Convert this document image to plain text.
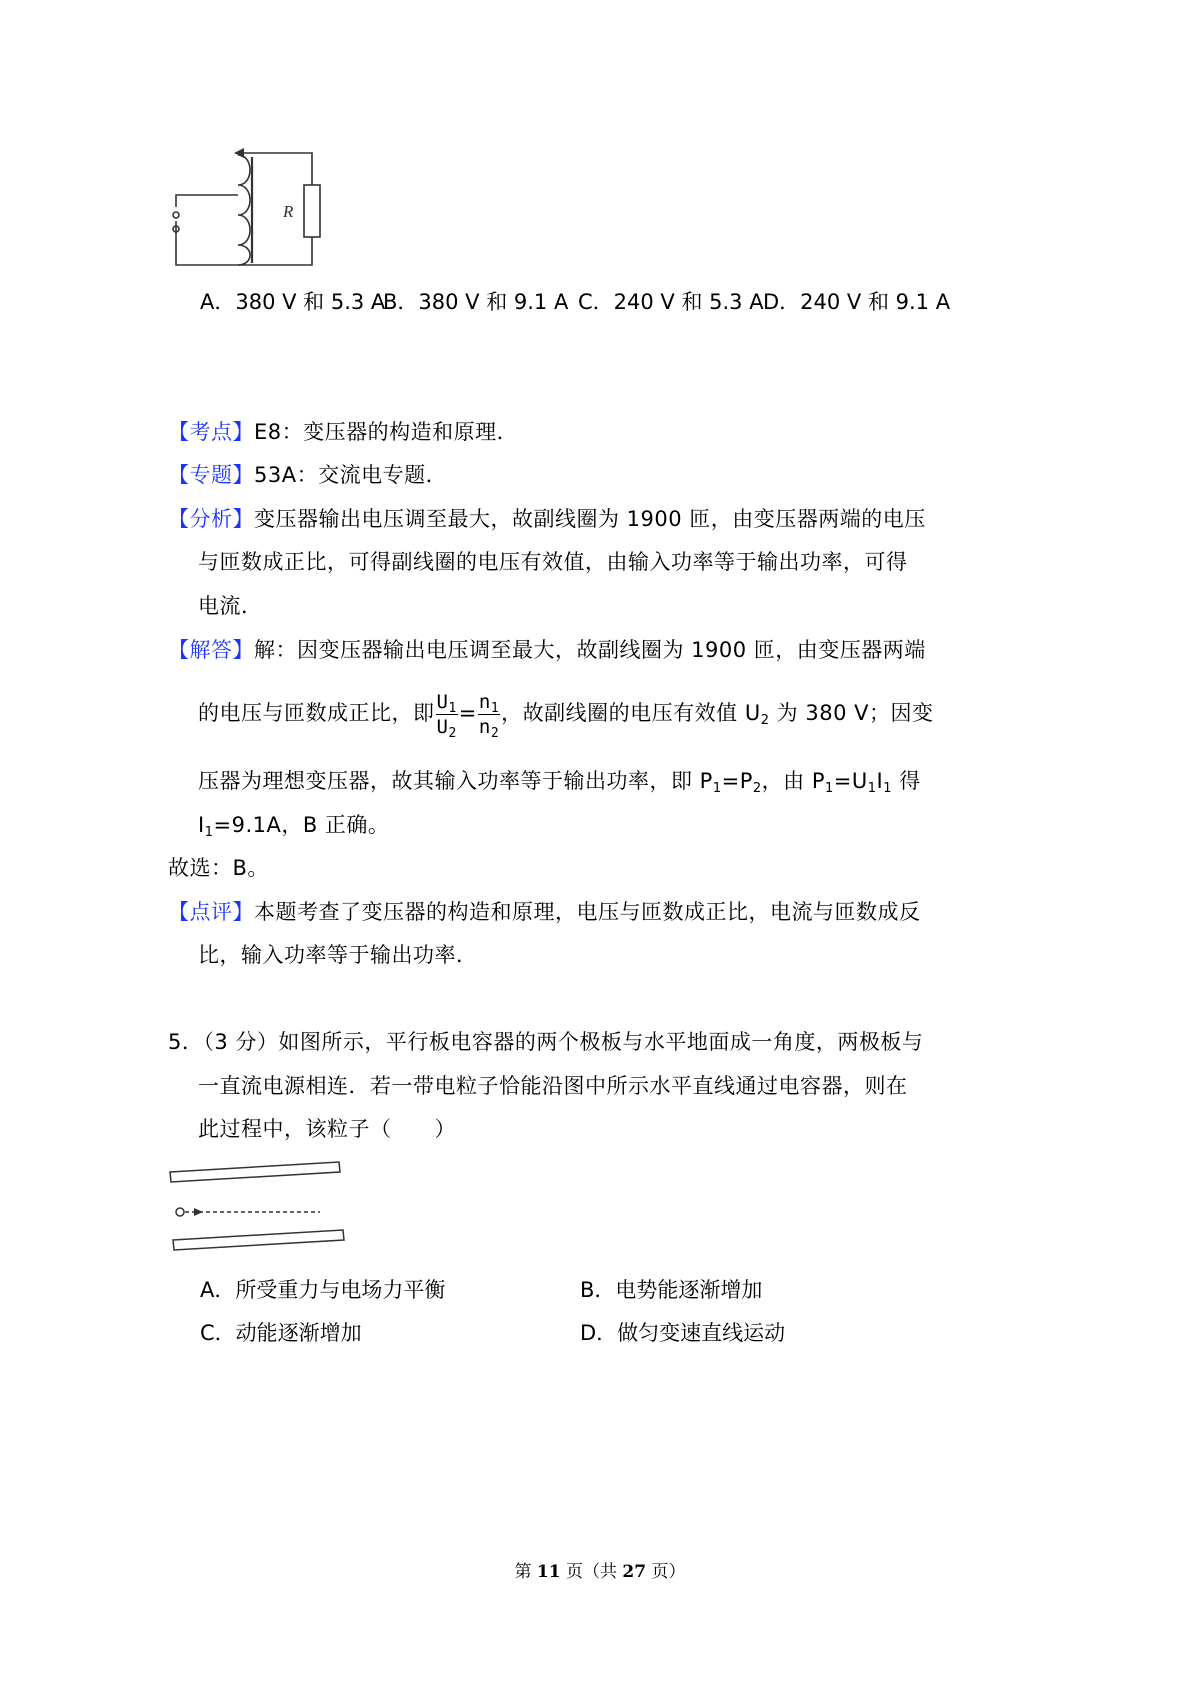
R
A．380 V 和 5.3 A
B．380 V 和 9.1 A C．240 V 和 5.3 A D．240 V 和 9.1 A
【考点】E8：变压器的构造和原理．
【专题】53A：交流电专题．
【分析】变压器输出电压调至最大，故副线圈为 1900 匝，由变压器两端的电压
与匝数成正比，可得副线圈的电压有效值，由输入功率等于输出功率，可得
电流．
【解答】解：因变压器输出电压调至最大，故副线圈为 1900 匝，由变压器两端
的电压与匝数成正比，即 $\frac{U_1}{U_2} = \frac{n_1}{n_2}$ ，故副线圈的电压有效值 $U_2$ 为 380 V；因变
压器为理想变压器，故其输入功率等于输出功率，即 $P_1=P_2$，由 $P_1=U_1I_1$ 得
$I_1=9.1A$，B 正确。
故选：B。
【点评】本题考查了变压器的构造和原理，电压与匝数成正比，电流与匝数成反
比，输入功率等于输出功率．
5．（3 分）如图所示，平行板电容器的两个极板与水平地面成一角度，两极板与
一直流电源相连．若一带电粒子恰能沿图中所示水平直线通过电容器，则在
此过程中，该粒子（　　）
A．所受重力与电场力平衡	B．电势能逐渐增加
C．动能逐渐增加	D．做匀变速直线运动
第 11 页（共 27 页）
